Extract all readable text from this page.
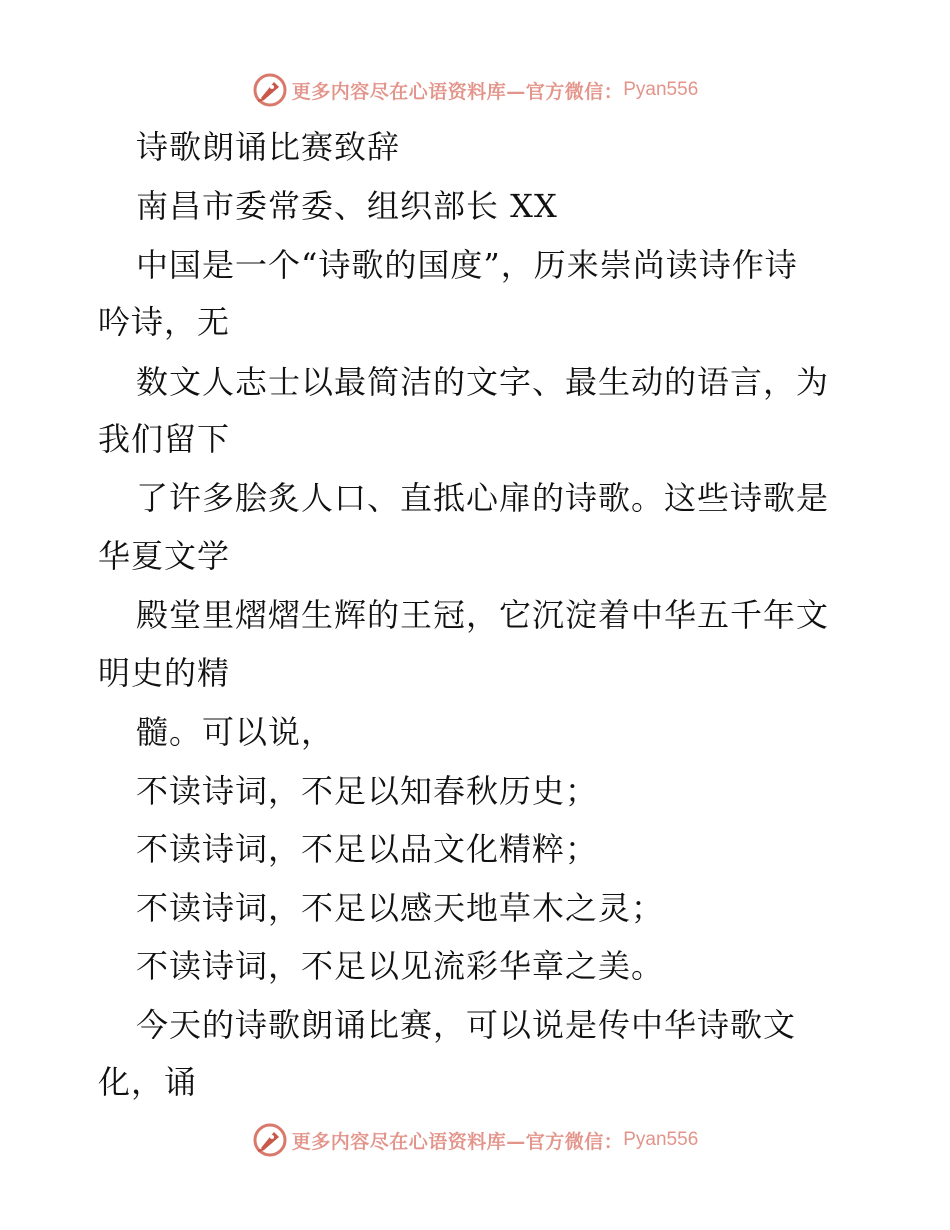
更多内容尽在心语资料库—官方微信： Pyan556
诗歌朗诵比赛致辞
南昌市委常委、组织部长 XX
中国是一个“诗歌的国度”，历来崇尚读诗作诗
吟诗，无
数文人志士以最简洁的文字、最生动的语言，为
我们留下
了许多脍炙人口、直抵心扉的诗歌。这些诗歌是
华夏文学
殿堂里熠熠生辉的王冠，它沉淀着中华五千年文
明史的精
髓。可以说，
不读诗词，不足以知春秋历史；
不读诗词，不足以品文化精粹；
不读诗词，不足以感天地草木之灵；
不读诗词，不足以见流彩华章之美。
今天的诗歌朗诵比赛，可以说是传中华诗歌文
化，诵
更多内容尽在心语资料库—官方微信： Pyan556
